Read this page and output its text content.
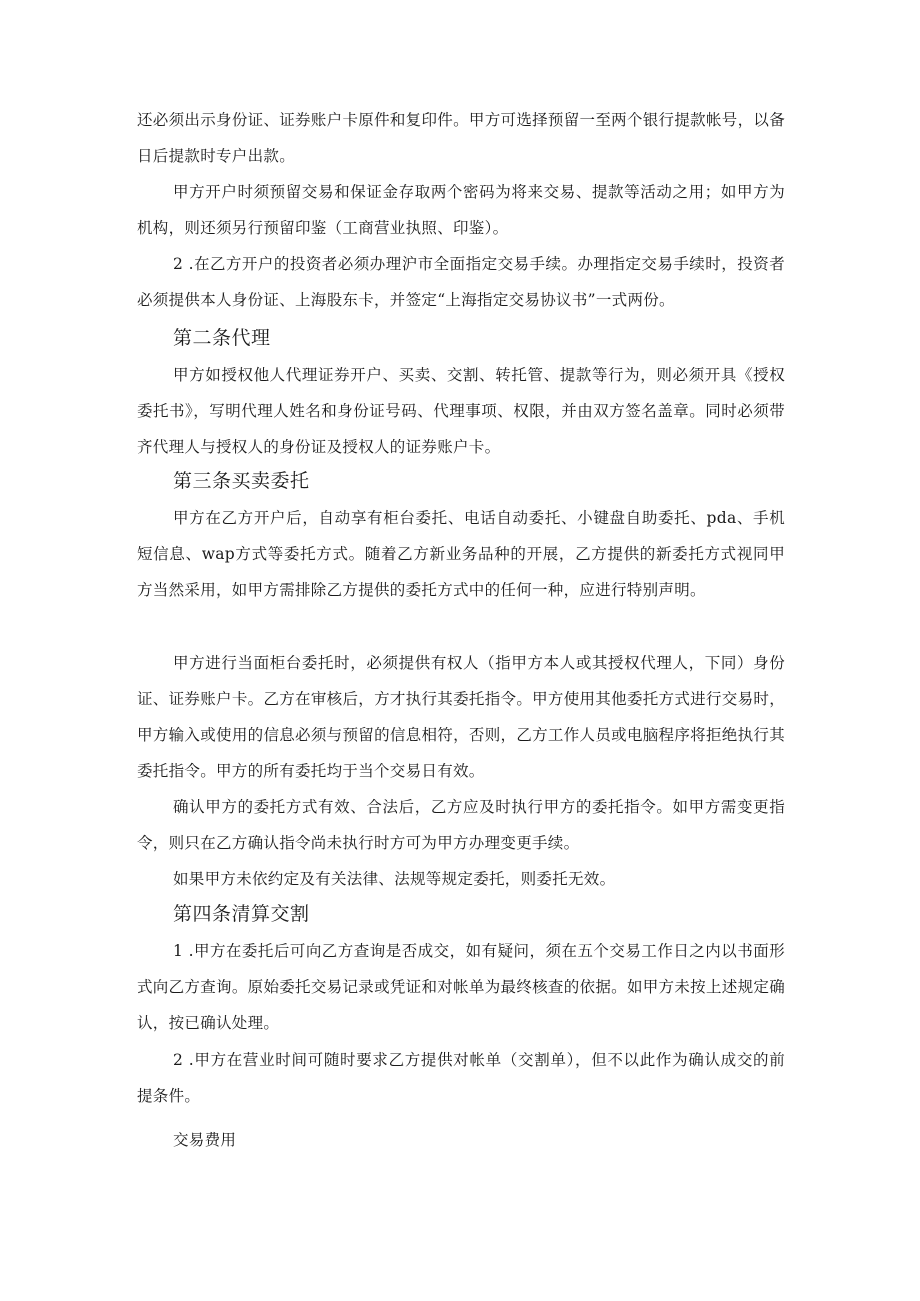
还必须出示身份证、证券账户卡原件和复印件。甲方可选择预留一至两个银行提款帐号，以备日后提款时专户出款。

甲方开户时须预留交易和保证金存取两个密码为将来交易、提款等活动之用；如甲方为机构，则还须另行预留印鉴（工商营业执照、印鉴）。

2 .在乙方开户的投资者必须办理沪市全面指定交易手续。办理指定交易手续时，投资者必须提供本人身份证、上海股东卡，并签定“上海指定交易协议书”一式两份。

第二条代理

甲方如授权他人代理证券开户、买卖、交割、转托管、提款等行为，则必须开具《授权委托书》，写明代理人姓名和身份证号码、代理事项、权限，并由双方签名盖章。同时必须带齐代理人与授权人的身份证及授权人的证券账户卡。

第三条买卖委托

甲方在乙方开户后，自动享有柜台委托、电话自动委托、小键盘自助委托、pda、手机短信息、wap方式等委托方式。随着乙方新业务品种的开展，乙方提供的新委托方式视同甲方当然采用，如甲方需排除乙方提供的委托方式中的任何一种，应进行特别声明。

甲方进行当面柜台委托时，必须提供有权人（指甲方本人或其授权代理人，下同）身份证、证券账户卡。乙方在审核后，方才执行其委托指令。甲方使用其他委托方式进行交易时，甲方输入或使用的信息必须与预留的信息相符，否则，乙方工作人员或电脑程序将拒绝执行其委托指令。甲方的所有委托均于当个交易日有效。

确认甲方的委托方式有效、合法后，乙方应及时执行甲方的委托指令。如甲方需变更指令，则只在乙方确认指令尚未执行时方可为甲方办理变更手续。

如果甲方未依约定及有关法律、法规等规定委托，则委托无效。

第四条清算交割

1 .甲方在委托后可向乙方查询是否成交，如有疑问，须在五个交易工作日之内以书面形式向乙方查询。原始委托交易记录或凭证和对帐单为最终核查的依据。如甲方未按上述规定确认，按已确认处理。

2 .甲方在营业时间可随时要求乙方提供对帐单（交割单），但不以此作为确认成交的前提条件。

交易费用
